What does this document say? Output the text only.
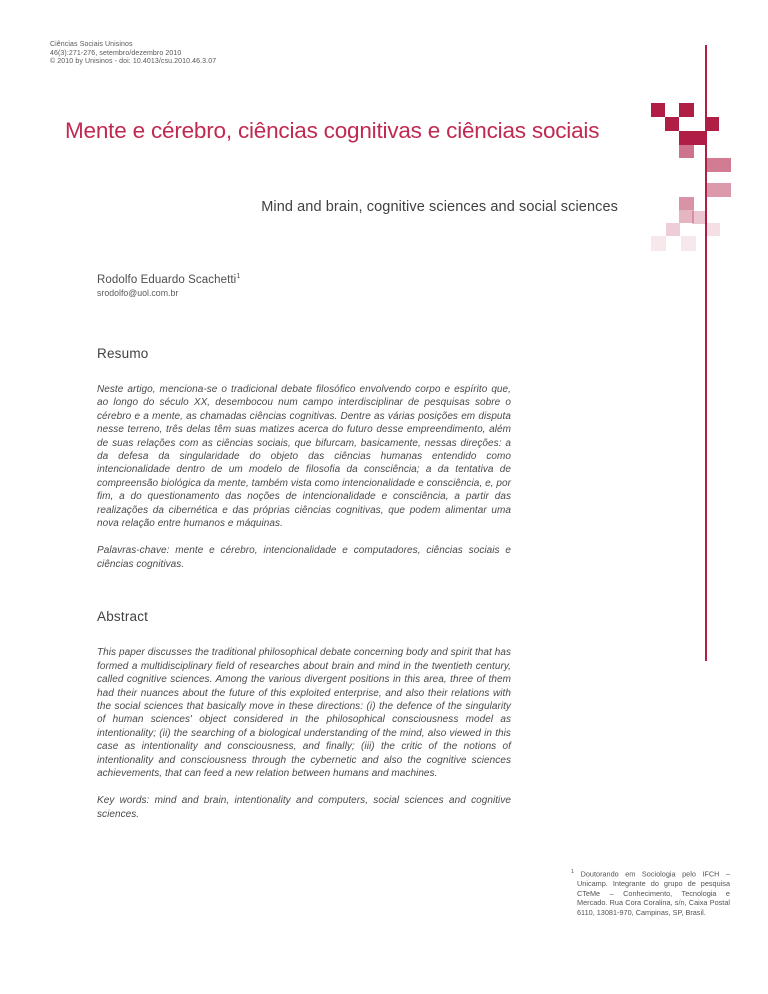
Ciências Sociais Unisinos
46(3):271-276, setembro/dezembro 2010
© 2010 by Unisinos - doi: 10.4013/csu.2010.46.3.07
Mente e cérebro, ciências cognitivas e ciências sociais
Mind and brain, cognitive sciences and social sciences
Rodolfo Eduardo Scachetti$^1$
srodolfo@uol.com.br
Resumo

Neste artigo, menciona-se o tradicional debate filosófico envolvendo corpo e espírito que, ao longo do século XX, desembocou num campo interdisciplinar de pesquisas sobre o cérebro e a mente, as chamadas ciências cognitivas. Dentre as várias posições em disputa nesse terreno, três delas têm suas matizes acerca do futuro desse empreendimento, além de suas relações com as ciências sociais, que bifurcam, basicamente, nessas direções: a da defesa da singularidade do objeto das ciências humanas entendido como intencionalidade dentro de um modelo de filosofia da consciência; a da tentativa de compreensão biológica da mente, também vista como intencionalidade e consciência, e, por fim, a do questionamento das noções de intencionalidade e consciência, a partir das realizações da cibernética e das próprias ciências cognitivas, que podem alimentar uma nova relação entre humanos e máquinas.

Palavras-chave: mente e cérebro, intencionalidade e computadores, ciências sociais e ciências cognitivas.

Abstract

This paper discusses the traditional philosophical debate concerning body and spirit that has formed a multidisciplinary field of researches about brain and mind in the twentieth century, called cognitive sciences. Among the various divergent positions in this area, three of them had their nuances about the future of this exploited enterprise, and also their relations with the social sciences that basically move in these directions: (i) the defence of the singularity of human sciences' object considered in the philosophical consciousness model as intentionality; (ii) the searching of a biological understanding of the mind, also viewed in this case as intentionality and consciousness, and finally; (iii) the critic of the notions of intentionality and consciousness through the cybernetic and also the cognitive sciences achievements, that can feed a new relation between humans and machines.

Key words: mind and brain, intentionality and computers, social sciences and cognitive sciences.

$^1$ Doutorando em Sociologia pelo IFCH – Unicamp. Integrante do grupo de pesquisa CTeMe – Conhecimento, Tecnologia e Mercado. Rua Cora Coralina, s/n, Caixa Postal 6110, 13081-970, Campinas, SP, Brasil.
